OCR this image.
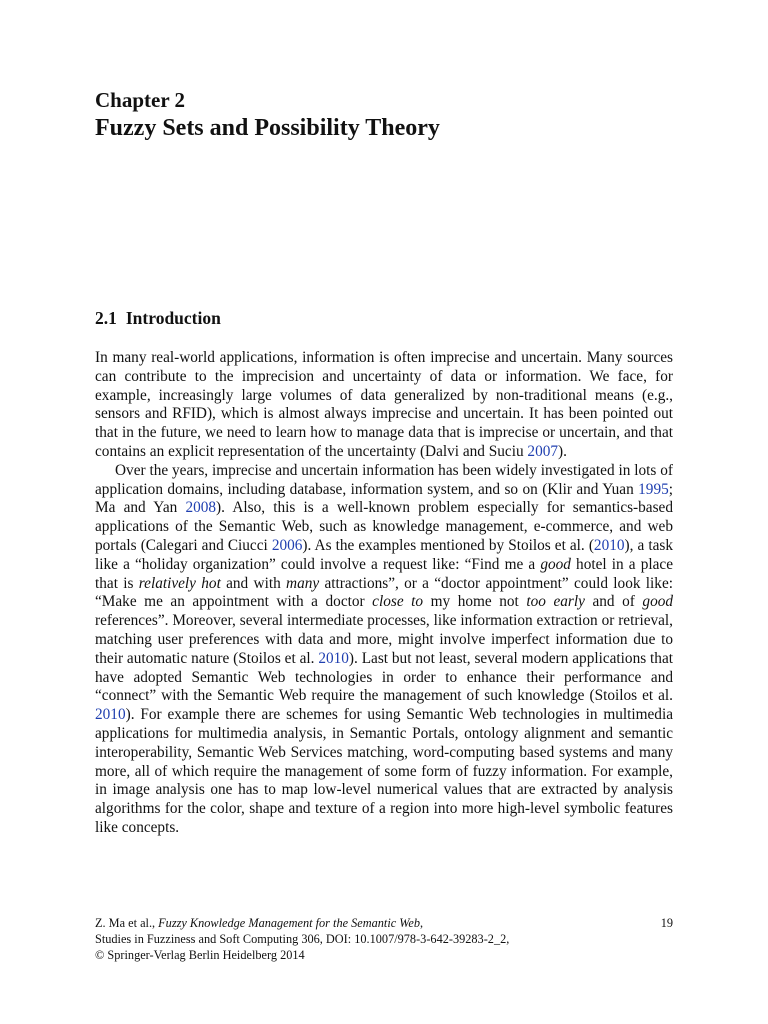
Chapter 2
Fuzzy Sets and Possibility Theory
2.1 Introduction

In many real-world applications, information is often imprecise and uncertain. Many sources can contribute to the imprecision and uncertainty of data or information. We face, for example, increasingly large volumes of data generalized by non-traditional means (e.g., sensors and RFID), which is almost always imprecise and uncertain. It has been pointed out that in the future, we need to learn how to manage data that is imprecise or uncertain, and that contains an explicit representation of the uncertainty (Dalvi and Suciu 2007).

Over the years, imprecise and uncertain information has been widely investigated in lots of application domains, including database, information system, and so on (Klir and Yuan 1995; Ma and Yan 2008). Also, this is a well-known problem especially for semantics-based applications of the Semantic Web, such as knowledge management, e-commerce, and web portals (Calegari and Ciucci 2006). As the examples mentioned by Stoilos et al. (2010), a task like a “holiday organization” could involve a request like: “Find me a good hotel in a place that is relatively hot and with many attractions”, or a “doctor appointment” could look like: “Make me an appointment with a doctor close to my home not too early and of good references”. Moreover, several intermediate processes, like information extraction or retrieval, matching user preferences with data and more, might involve imperfect information due to their automatic nature (Stoilos et al. 2010). Last but not least, several modern applications that have adopted Semantic Web technologies in order to enhance their performance and “connect” with the Semantic Web require the management of such knowledge (Stoilos et al. 2010). For example there are schemes for using Semantic Web technologies in multimedia applications for multimedia analysis, in Semantic Portals, ontology alignment and semantic interoperability, Semantic Web Services matching, word-computing based systems and many more, all of which require the management of some form of fuzzy information. For example, in image analysis one has to map low-level numerical values that are extracted by analysis algorithms for the color, shape and texture of a region into more high-level symbolic features like concepts.

Z. Ma et al., Fuzzy Knowledge Management for the Semantic Web,
Studies in Fuzziness and Soft Computing 306, DOI: 10.1007/978-3-642-39283-2_2,
© Springer-Verlag Berlin Heidelberg 2014
19
